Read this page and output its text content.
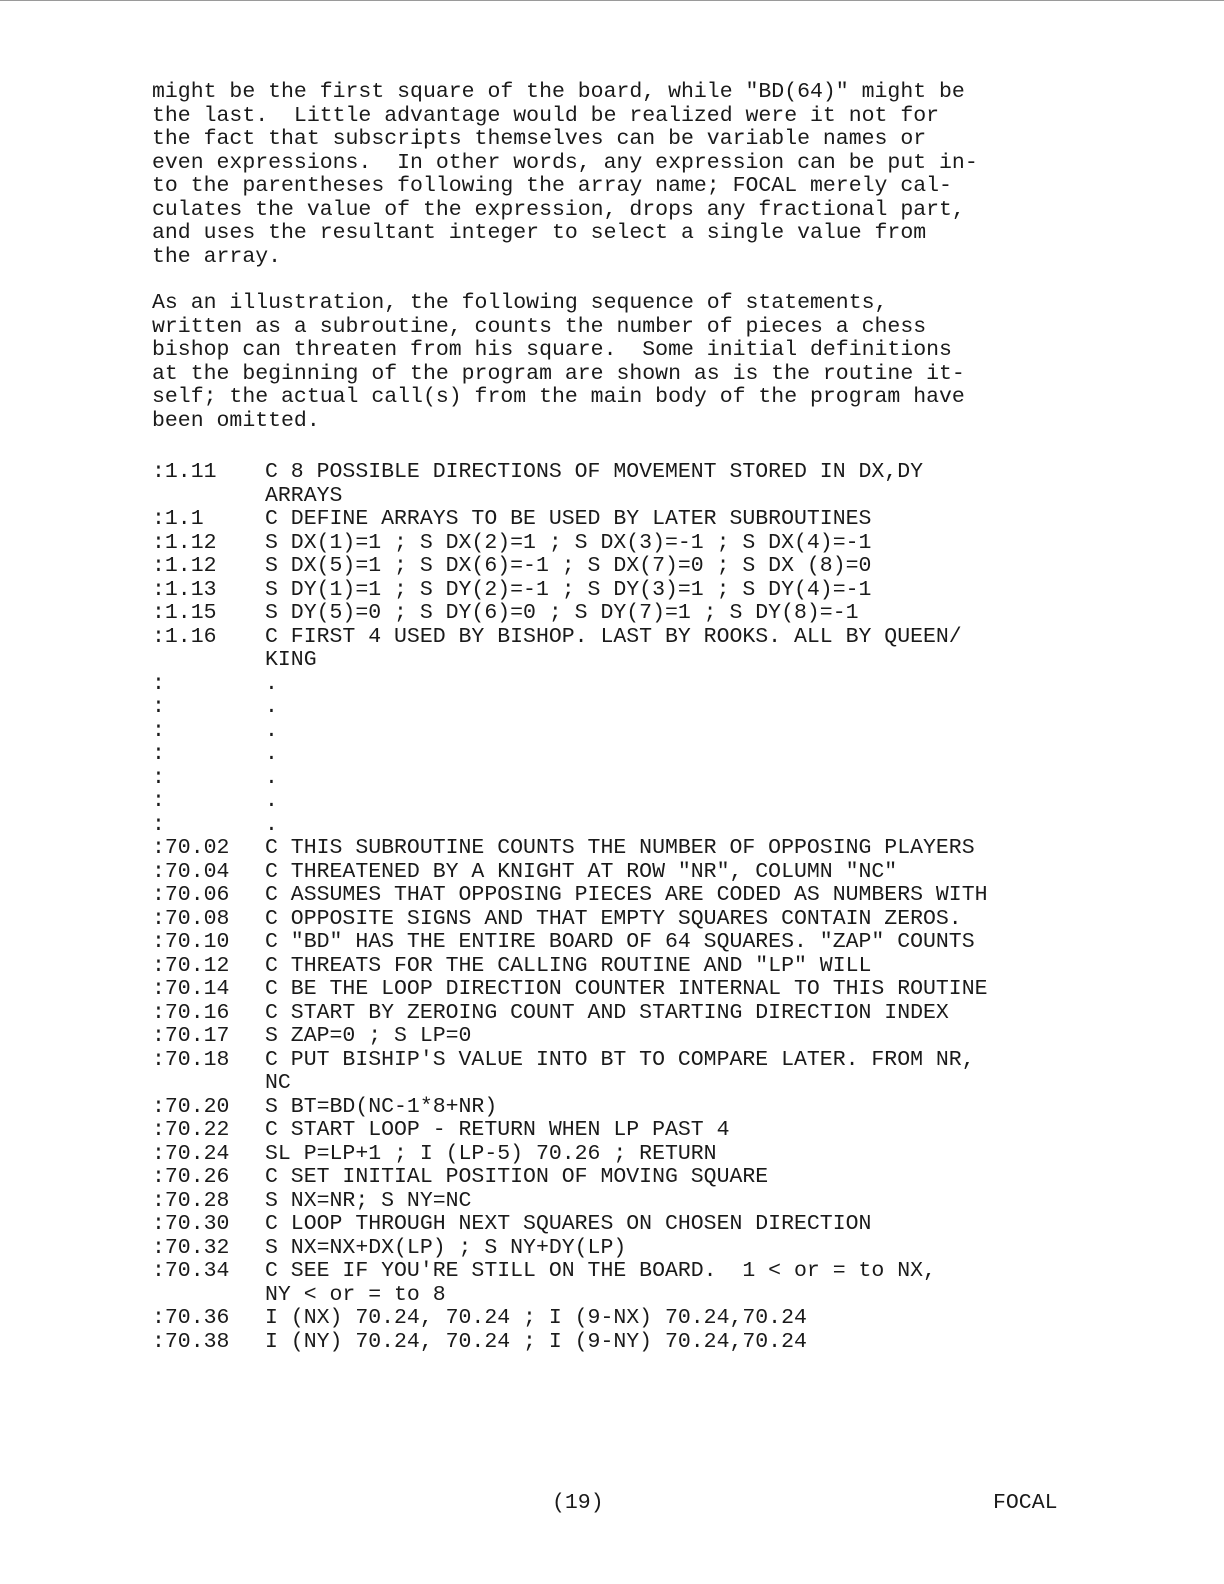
might be the first square of the board, while "BD(64)" might be
the last.  Little advantage would be realized were it not for
the fact that subscripts themselves can be variable names or
even expressions.  In other words, any expression can be put in-
to the parentheses following the array name; FOCAL merely cal-
culates the value of the expression, drops any fractional part,
and uses the resultant integer to select a single value from
the array.
As an illustration, the following sequence of statements,
written as a subroutine, counts the number of pieces a chess
bishop can threaten from his square.  Some initial definitions
at the beginning of the program are shown as is the routine it-
self; the actual call(s) from the main body of the program have
been omitted.
:1.11	C 8 POSSIBLE DIRECTIONS OF MOVEMENT STORED IN DX,DY
ARRAYS
:1.1	C DEFINE ARRAYS TO BE USED BY LATER SUBROUTINES
:1.12	S DX(1)=1 ; S DX(2)=1 ; S DX(3)=-1 ; S DX(4)=-1
:1.12	S DX(5)=1 ; S DX(6)=-1 ; S DX(7)=0 ; S DX (8)=0
:1.13	S DY(1)=1 ; S DY(2)=-1 ; S DY(3)=1 ; S DY(4)=-1
:1.15	S DY(5)=0 ; S DY(6)=0 ; S DY(7)=1 ; S DY(8)=-1
:1.16	C FIRST 4 USED BY BISHOP. LAST BY ROOKS. ALL BY QUEEN/
KING
:	.
:	.
:	.
:	.
:	.
:	.
:	.
:70.02	C THIS SUBROUTINE COUNTS THE NUMBER OF OPPOSING PLAYERS
:70.04	C THREATENED BY A KNIGHT AT ROW "NR", COLUMN "NC"
:70.06	C ASSUMES THAT OPPOSING PIECES ARE CODED AS NUMBERS WITH
:70.08	C OPPOSITE SIGNS AND THAT EMPTY SQUARES CONTAIN ZEROS.
:70.10	C "BD" HAS THE ENTIRE BOARD OF 64 SQUARES. "ZAP" COUNTS
:70.12	C THREATS FOR THE CALLING ROUTINE AND "LP" WILL
:70.14	C BE THE LOOP DIRECTION COUNTER INTERNAL TO THIS ROUTINE
:70.16	C START BY ZEROING COUNT AND STARTING DIRECTION INDEX
:70.17	S ZAP=0 ; S LP=0
:70.18	C PUT BISHIP'S VALUE INTO BT TO COMPARE LATER. FROM NR,
NC
:70.20	S BT=BD(NC-1*8+NR)
:70.22	C START LOOP - RETURN WHEN LP PAST 4
:70.24	SL P=LP+1 ; I (LP-5) 70.26 ; RETURN
:70.26	C SET INITIAL POSITION OF MOVING SQUARE
:70.28	S NX=NR; S NY=NC
:70.30	C LOOP THROUGH NEXT SQUARES ON CHOSEN DIRECTION
:70.32	S NX=NX+DX(LP) ; S NY+DY(LP)
:70.34	C SEE IF YOU'RE STILL ON THE BOARD.  1 < or = to NX,
NY < or = to 8
:70.36	I (NX) 70.24, 70.24 ; I (9-NX) 70.24,70.24
:70.38	I (NY) 70.24, 70.24 ; I (9-NY) 70.24,70.24
(19)	FOCAL
